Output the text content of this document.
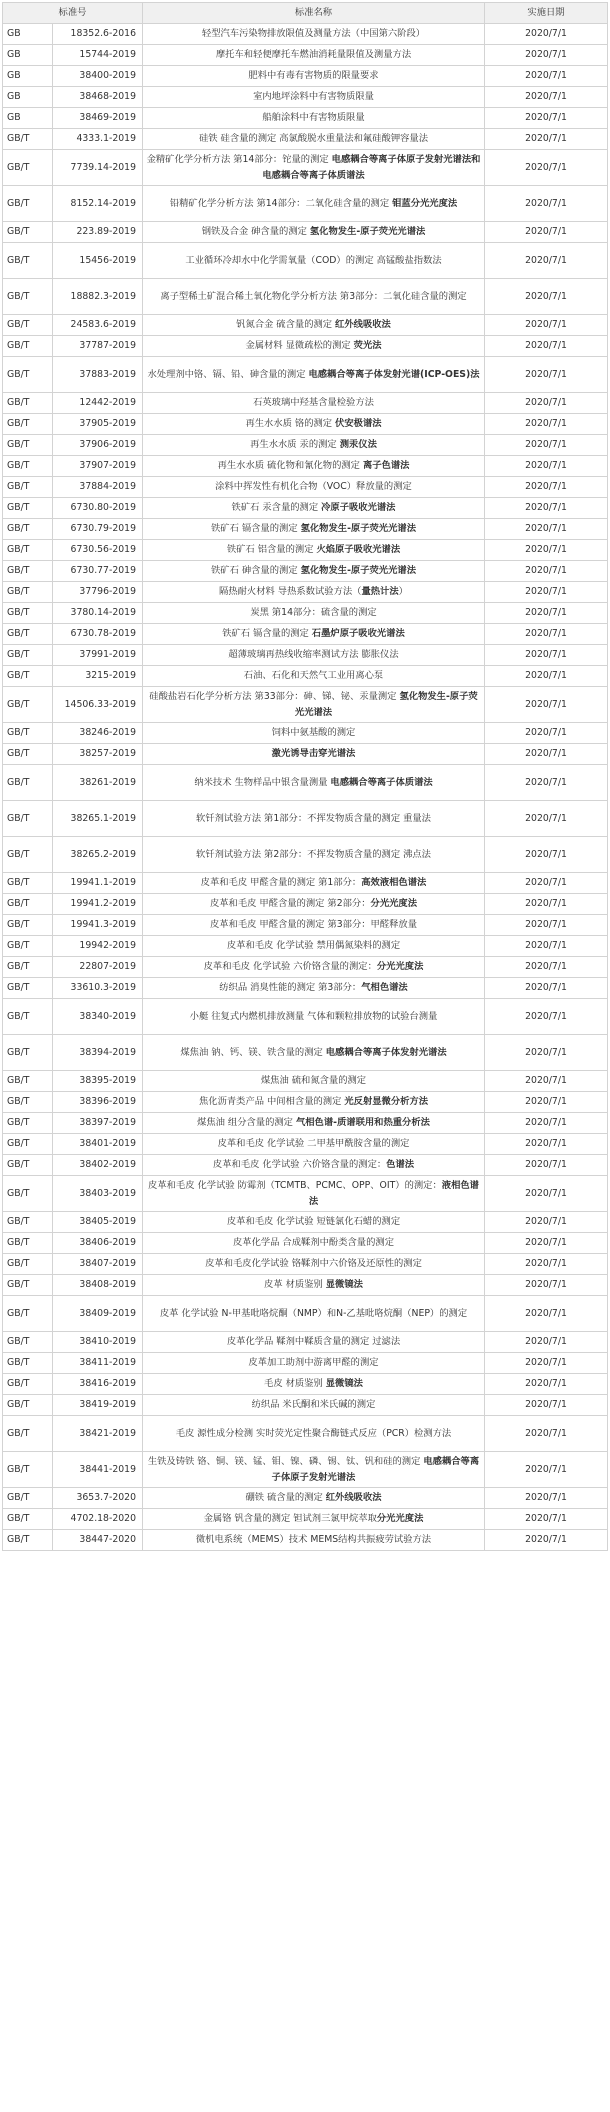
标准号		标准名称	实施日期
GB	18352.6-2016	轻型汽车污染物排放限值及测量方法（中国第六阶段）	2020/7/1
GB	15744-2019	摩托车和轻便摩托车燃油消耗量限值及测量方法	2020/7/1
GB	38400-2019	肥料中有毒有害物质的限量要求	2020/7/1
GB	38468-2019	室内地坪涂料中有害物质限量	2020/7/1
GB	38469-2019	船舶涂料中有害物质限量	2020/7/1
GB/T	4333.1-2019	硅铁 硅含量的测定 高氯酸脱水重量法和氟硅酸钾容量法	2020/7/1
GB/T	7739.14-2019	金精矿化学分析方法 第14部分：铊量的测定 电感耦合等离子体原子发射光谱法和电感耦合等离子体质谱法	2020/7/1
GB/T	8152.14-2019	铅精矿化学分析方法 第14部分：二氧化硅含量的测定 钼蓝分光光度法	2020/7/1
GB/T	223.89-2019	钢铁及合金 砷含量的测定 氢化物发生-原子荧光光谱法	2020/7/1
GB/T	15456-2019	工业循环冷却水中化学需氧量（COD）的测定 高锰酸盐指数法	2020/7/1
GB/T	18882.3-2019	离子型稀土矿混合稀土氧化物化学分析方法 第3部分：二氧化硅含量的测定	2020/7/1
GB/T	24583.6-2019	钒氮合金 硫含量的测定 红外线吸收法	2020/7/1
GB/T	37787-2019	金属材料 显微疏松的测定 荧光法	2020/7/1
GB/T	37883-2019	水处理剂中铬、镉、铅、砷含量的测定 电感耦合等离子体发射光谱(ICP-OES)法	2020/7/1
GB/T	12442-2019	石英玻璃中羟基含量检验方法	2020/7/1
GB/T	37905-2019	再生水水质 铬的测定 伏安极谱法	2020/7/1
GB/T	37906-2019	再生水水质 汞的测定 测汞仪法	2020/7/1
GB/T	37907-2019	再生水水质 硫化物和氰化物的测定 离子色谱法	2020/7/1
GB/T	37884-2019	涂料中挥发性有机化合物（VOC）释放量的测定	2020/7/1
GB/T	6730.80-2019	铁矿石 汞含量的测定 冷原子吸收光谱法	2020/7/1
GB/T	6730.79-2019	铁矿石 镉含量的测定 氢化物发生-原子荧光光谱法	2020/7/1
GB/T	6730.56-2019	铁矿石 铝含量的测定 火焰原子吸收光谱法	2020/7/1
GB/T	6730.77-2019	铁矿石 砷含量的测定 氢化物发生-原子荧光光谱法	2020/7/1
GB/T	37796-2019	隔热耐火材料 导热系数试验方法（量热计法）	2020/7/1
GB/T	3780.14-2019	炭黑 第14部分：硫含量的测定	2020/7/1
GB/T	6730.78-2019	铁矿石 镉含量的测定 石墨炉原子吸收光谱法	2020/7/1
GB/T	37991-2019	超薄玻璃再热线收缩率测试方法 膨胀仪法	2020/7/1
GB/T	3215-2019	石油、石化和天然气工业用离心泵	2020/7/1
GB/T	14506.33-2019	硅酸盐岩石化学分析方法 第33部分：砷、锑、铋、汞量测定 氢化物发生-原子荧光光谱法	2020/7/1
GB/T	38246-2019	饲料中氨基酸的测定	2020/7/1
GB/T	38257-2019	激光诱导击穿光谱法	2020/7/1
GB/T	38261-2019	纳米技术 生物样品中银含量测量 电感耦合等离子体质谱法	2020/7/1
GB/T	38265.1-2019	软钎剂试验方法 第1部分：不挥发物质含量的测定 重量法	2020/7/1
GB/T	38265.2-2019	软钎剂试验方法 第2部分：不挥发物质含量的测定 沸点法	2020/7/1
GB/T	19941.1-2019	皮革和毛皮 甲醛含量的测定 第1部分：高效液相色谱法	2020/7/1
GB/T	19941.2-2019	皮革和毛皮 甲醛含量的测定 第2部分：分光光度法	2020/7/1
GB/T	19941.3-2019	皮革和毛皮 甲醛含量的测定 第3部分：甲醛释放量	2020/7/1
GB/T	19942-2019	皮革和毛皮 化学试验 禁用偶氮染料的测定	2020/7/1
GB/T	22807-2019	皮革和毛皮 化学试验 六价铬含量的测定：分光光度法	2020/7/1
GB/T	33610.3-2019	纺织品 消臭性能的测定 第3部分：气相色谱法	2020/7/1
GB/T	38340-2019	小艇 往复式内燃机排放测量 气体和颗粒排放物的试验台测量	2020/7/1
GB/T	38394-2019	煤焦油 钠、钙、镁、铁含量的测定 电感耦合等离子体发射光谱法	2020/7/1
GB/T	38395-2019	煤焦油 硫和氮含量的测定	2020/7/1
GB/T	38396-2019	焦化沥青类产品 中间相含量的测定 光反射显微分析方法	2020/7/1
GB/T	38397-2019	煤焦油 组分含量的测定 气相色谱-质谱联用和热重分析法	2020/7/1
GB/T	38401-2019	皮革和毛皮 化学试验 二甲基甲酰胺含量的测定	2020/7/1
GB/T	38402-2019	皮革和毛皮 化学试验 六价铬含量的测定：色谱法	2020/7/1
GB/T	38403-2019	皮革和毛皮 化学试验 防霉剂（TCMTB、PCMC、OPP、OIT）的测定：液相色谱法	2020/7/1
GB/T	38405-2019	皮革和毛皮 化学试验 短链氯化石蜡的测定	2020/7/1
GB/T	38406-2019	皮革化学品 合成鞣剂中酚类含量的测定	2020/7/1
GB/T	38407-2019	皮革和毛皮化学试验 铬鞣剂中六价铬及还原性的测定	2020/7/1
GB/T	38408-2019	皮革 材质鉴别 显微镜法	2020/7/1
GB/T	38409-2019	皮革 化学试验 N-甲基吡咯烷酮（NMP）和N-乙基吡咯烷酮（NEP）的测定	2020/7/1
GB/T	38410-2019	皮革化学品 鞣剂中鞣质含量的测定 过滤法	2020/7/1
GB/T	38411-2019	皮革加工助剂中游离甲醛的测定	2020/7/1
GB/T	38416-2019	毛皮 材质鉴别 显微镜法	2020/7/1
GB/T	38419-2019	纺织品 米氏酮和米氏碱的测定	2020/7/1
GB/T	38421-2019	毛皮 源性成分检测 实时荧光定性聚合酶链式反应（PCR）检测方法	2020/7/1
GB/T	38441-2019	生铁及铸铁 铬、铜、镁、锰、钼、镍、磷、锡、钛、钒和硅的测定 电感耦合等离子体原子发射光谱法	2020/7/1
GB/T	3653.7-2020	硼铁 硫含量的测定 红外线吸收法	2020/7/1
GB/T	4702.18-2020	金属铬 钒含量的测定 钽试剂三氯甲烷萃取分光光度法	2020/7/1
GB/T	38447-2020	微机电系统（MEMS）技术 MEMS结构共振疲劳试验方法	2020/7/1
